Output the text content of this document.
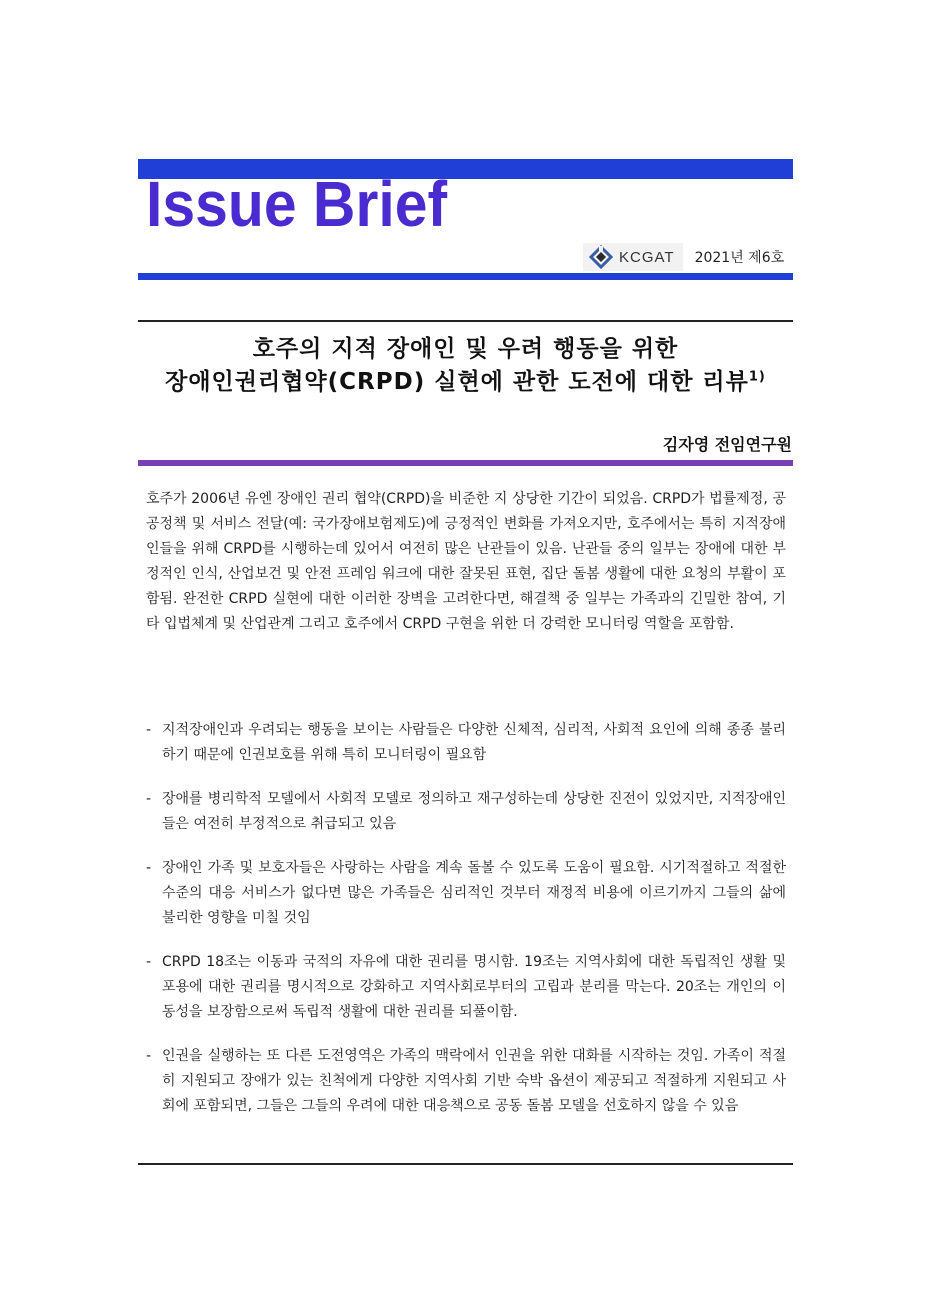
Issue Brief
KCGAT 2021년 제6호
호주의 지적 장애인 및 우려 행동을 위한
장애인권리협약(CRPD) 실현에 관한 도전에 대한 리뷰$^{1)}$
김자영 전임연구원

호주가 2006년 유엔 장애인 권리 협약(CRPD)을 비준한 지 상당한 기간이 되었음. CRPD가 법률제정, 공공정책 및 서비스 전달(예: 국가장애보험제도)에 긍정적인 변화를 가져오지만, 호주에서는 특히 지적장애인들을 위해 CRPD를 시행하는데 있어서 여전히 많은 난관들이 있음. 난관들 중의 일부는 장애에 대한 부정적인 인식, 산업보건 및 안전 프레임 워크에 대한 잘못된 표현, 집단 돌봄 생활에 대한 요청의 부활이 포함됨. 완전한 CRPD 실현에 대한 이러한 장벽을 고려한다면, 해결책 중 일부는 가족과의 긴밀한 참여, 기타 입법체계 및 산업관계 그리고 호주에서 CRPD 구현을 위한 더 강력한 모니터링 역할을 포함함.

- 지적장애인과 우려되는 행동을 보이는 사람들은 다양한 신체적, 심리적, 사회적 요인에 의해 종종 불리하기 때문에 인권보호를 위해 특히 모니터링이 필요함
- 장애를 병리학적 모델에서 사회적 모델로 정의하고 재구성하는데 상당한 진전이 있었지만, 지적장애인들은 여전히 부정적으로 취급되고 있음
- 장애인 가족 및 보호자들은 사랑하는 사람을 계속 돌볼 수 있도록 도움이 필요함. 시기적절하고 적절한 수준의 대응 서비스가 없다면 많은 가족들은 심리적인 것부터 재정적 비용에 이르기까지 그들의 삶에 불리한 영향을 미칠 것임
- CRPD 18조는 이동과 국적의 자유에 대한 권리를 명시함. 19조는 지역사회에 대한 독립적인 생활 및 포용에 대한 권리를 명시적으로 강화하고 지역사회로부터의 고립과 분리를 막는다. 20조는 개인의 이동성을 보장함으로써 독립적 생활에 대한 권리를 되풀이함.
- 인권을 실행하는 또 다른 도전영역은 가족의 맥락에서 인권을 위한 대화를 시작하는 것임. 가족이 적절히 지원되고 장애가 있는 친척에게 다양한 지역사회 기반 숙박 옵션이 제공되고 적절하게 지원되고 사회에 포함되면, 그들은 그들의 우려에 대한 대응책으로 공동 돌봄 모델을 선호하지 않을 수 있음
